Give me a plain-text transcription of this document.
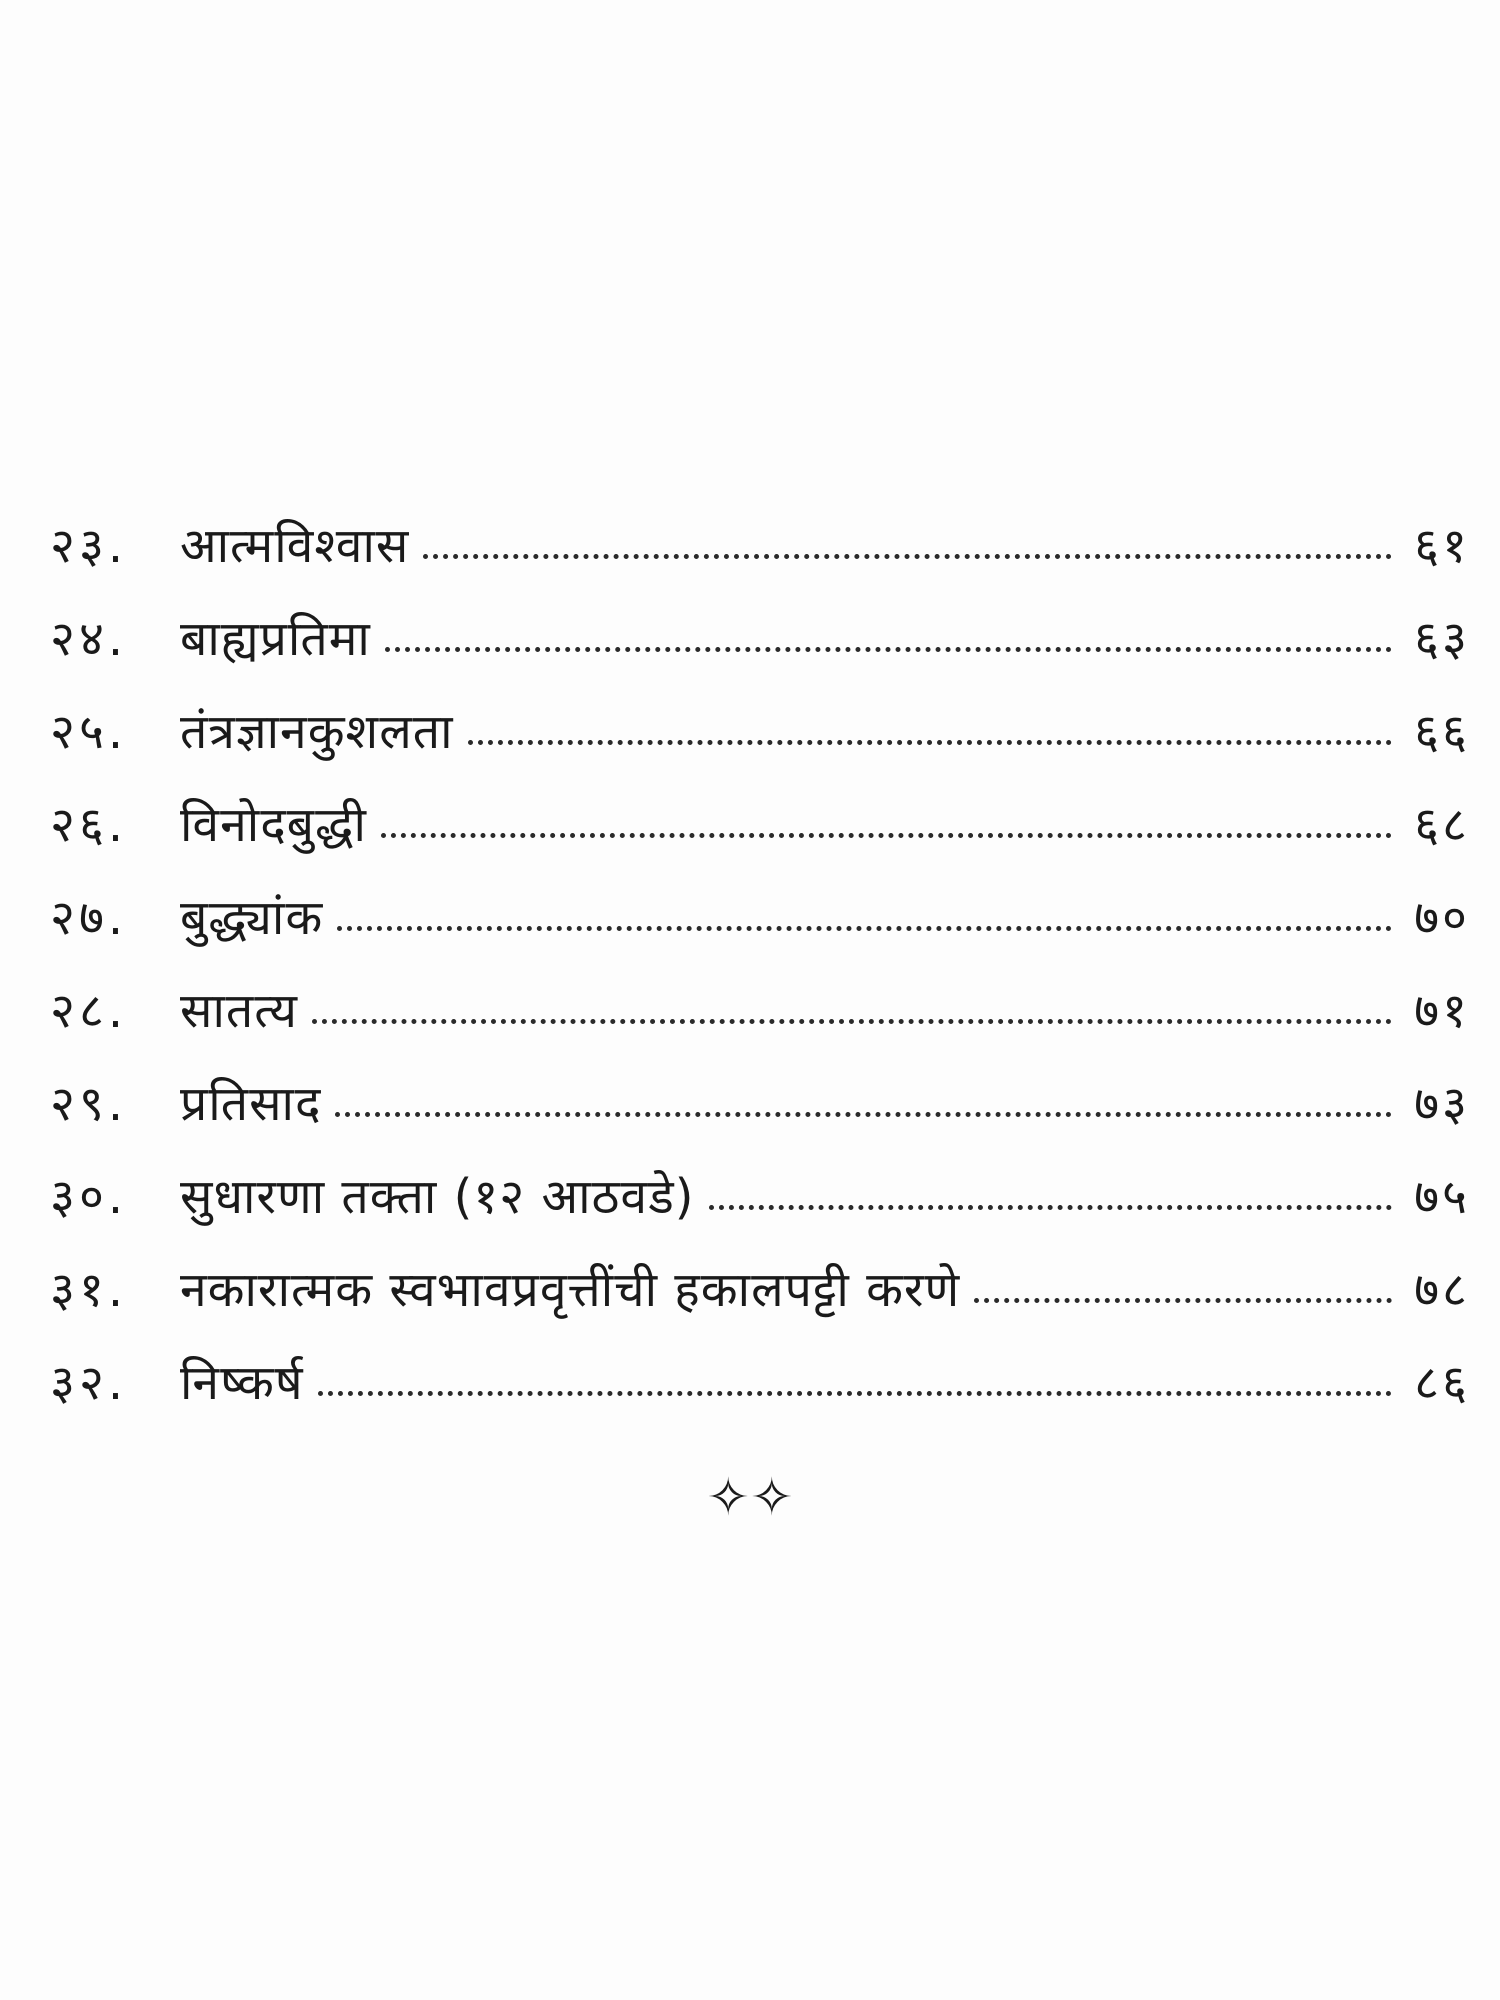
२३.	आत्मविश्वास	६१
२४.	बाह्यप्रतिमा	६३
२५.	तंत्रज्ञानकुशलता	६६
२६.	विनोदबुद्धी	६८
२७.	बुद्ध्यांक	७०
२८.	सातत्य	७१
२९.	प्रतिसाद	७३
३०.	सुधारणा तक्ता (१२ आठवडे)	७५
३१.	नकारात्मक स्वभावप्रवृत्तींची हकालपट्टी करणे	७८
३२.	निष्कर्ष	८६
✧✧
